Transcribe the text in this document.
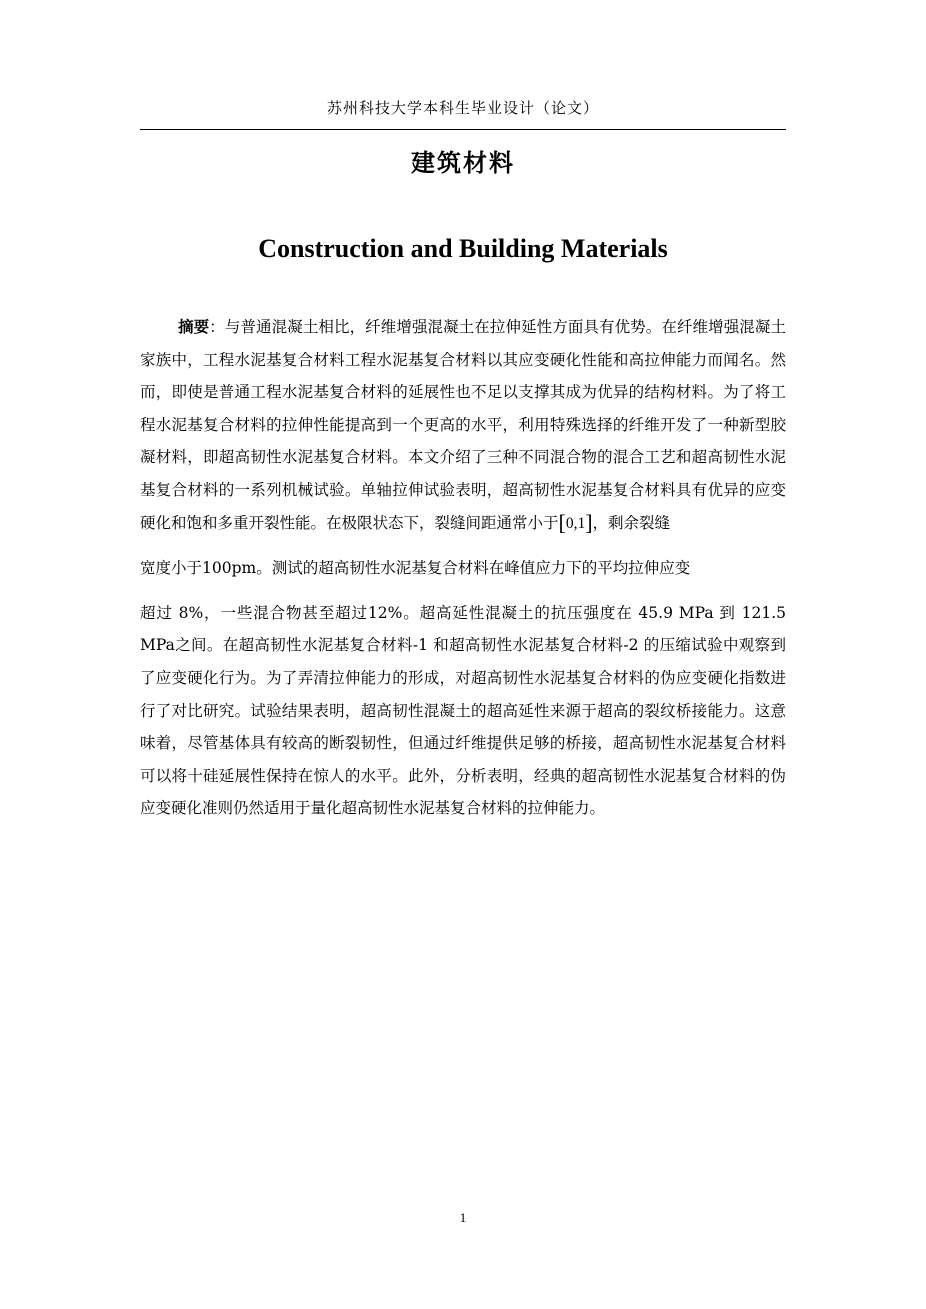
苏州科技大学本科生毕业设计（论文）
建筑材料
Construction and Building Materials
摘要：与普通混凝土相比，纤维增强混凝土在拉伸延性方面具有优势。在纤维增强混凝土家族中，工程水泥基复合材料工程水泥基复合材料以其应变硬化性能和高拉伸能力而闻名。然而，即使是普通工程水泥基复合材料的延展性也不足以支撑其成为优异的结构材料。为了将工程水泥基复合材料的拉伸性能提高到一个更高的水平，利用特殊选择的纤维开发了一种新型胶凝材料，即超高韧性水泥基复合材料。本文介绍了三种不同混合物的混合工艺和超高韧性水泥基复合材料的一系列机械试验。单轴拉伸试验表明，超高韧性水泥基复合材料具有优异的应变硬化和饱和多重开裂性能。在极限状态下，裂缝间距通常小于[0,1]，剩余裂缝
宽度小于100pm。测试的超高韧性水泥基复合材料在峰值应力下的平均拉伸应变
超过 8%，一些混合物甚至超过12%。超高延性混凝土的抗压强度在 45.9 MPa 到 121.5 MPa之间。在超高韧性水泥基复合材料-1 和超高韧性水泥基复合材料-2 的压缩试验中观察到了应变硬化行为。为了弄清拉伸能力的形成，对超高韧性水泥基复合材料的伪应变硬化指数进行了对比研究。试验结果表明，超高韧性混凝土的超高延性来源于超高的裂纹桥接能力。这意味着，尽管基体具有较高的断裂韧性，但通过纤维提供足够的桥接，超高韧性水泥基复合材料可以将十硅延展性保持在惊人的水平。此外，分析表明，经典的超高韧性水泥基复合材料的伪应变硬化准则仍然适用于量化超高韧性水泥基复合材料的拉伸能力。
1
